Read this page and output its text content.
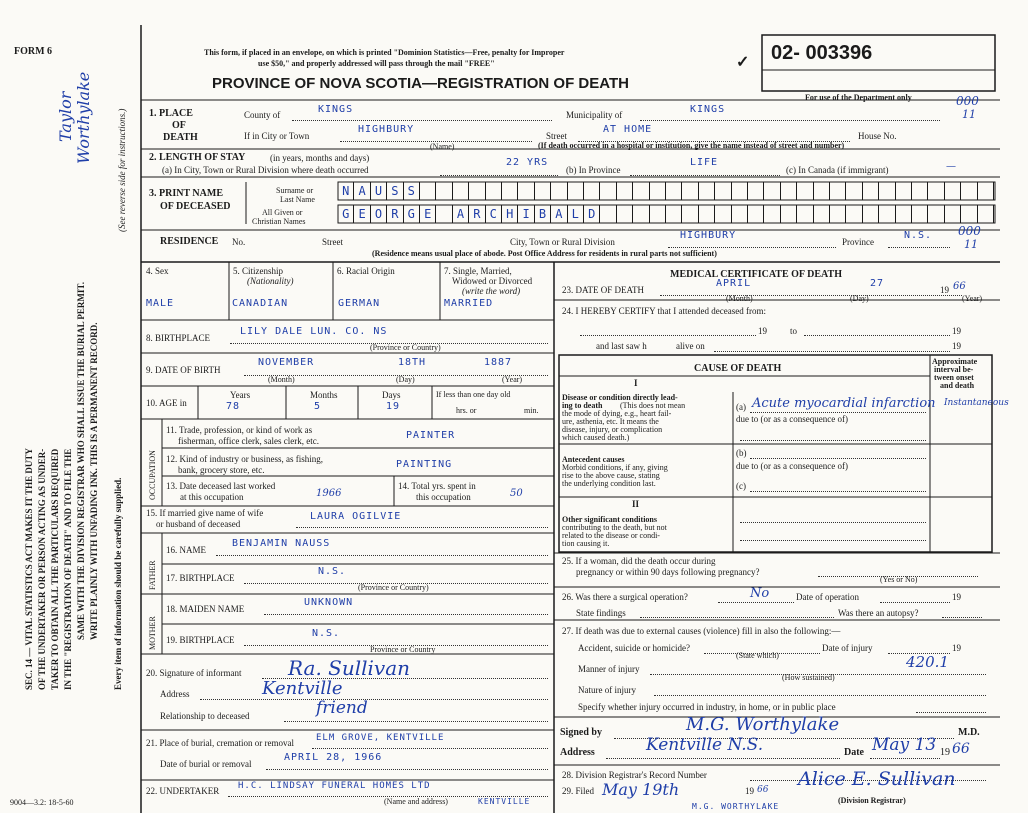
FORM 6	This form, if placed in an envelope, on which is printed "Dominion Statistics—Free, penalty for Improper
use $50," and properly addressed will pass through the mail "FREE"
PROVINCE OF NOVA SCOTIA—REGISTRATION OF DEATH
✓ 02- 003396
For use of the Department only	000
11
Taylor Worthylake	(See reverse side for instructions.)
SEC. 14 — VITAL STATISTICS ACT MAKES IT THE DUTY OF THE UNDERTAKER OR PERSON ACTING AS UNDER- TAKER TO OBTAIN ALL THE PARTICULARS REQUIRED IN THE "REGISTRATION OF DEATH" AND TO FILE THE SAME WITH THE DIVISION REGISTRAR WHO SHALL ISSUE THE BURIAL PERMIT. WRITE PLAINLY WITH UNFADING INK. THIS IS A PERMANENT RECORD. Every item of information should be carefully supplied.
1. PLACE
OF
DEATH
County of	KINGS	Municipality of	KINGS
If in City or Town
HIGHBURY
(Name)
Street
AT HOME
House No.
(If death occurred in a hospital or institution, give the name instead of street and number)
2. LENGTH OF STAY	(in years, months and days)
(a) In City, Town or Rural Division where death occurred
22 YRS
(b) In Province
LIFE
(c) In Canada (if immigrant)	—
3. PRINT NAME
OF DECEASED
Surname or
Last Name
All Given or
Christian Names
N A U S S
G E O R G E	A R C H I B A L D
RESIDENCE No.	Street	City, Town or Rural Division
HIGHBURY
Province
N.S. 000
11
(Residence means usual place of abode. Post Office Address for residents in rural parts not sufficient)
4. Sex
MALE
5. Citizenship
(Nationality)
CANADIAN
6. Racial Origin
GERMAN
7. Single, Married,
Widowed or Divorced
(write the word)
MARRIED
8. BIRTHPLACE
LILY DALE LUN. CO. NS
(Province or Country)
9. DATE OF BIRTH
NOVEMBER	18TH	1887
(Month)	(Day)	(Year)
10. AGE in
Years	Months	Days
78	5	19
If less than one day old
hrs. or	min.
OCCUPATION
11. Trade, profession, or kind of work as
fisherman, office clerk, sales clerk, etc.	PAINTER
12. Kind of industry or business, as fishing,
bank, grocery store, etc.	PAINTING
13. Date deceased last worked
at this occupation	1966
14. Total yrs. spent in
this occupation	50
15. If married give name of wife
or husband of deceased
LAURA OGILVIE
FATHER
16. NAME
BENJAMIN NAUSS
17. BIRTHPLACE
N.S.
(Province or Country)
MOTHER
18. MAIDEN NAME
UNKNOWN
19. BIRTHPLACE
N.S.
Province or Country
20. Signature of informant Ra. Sullivan
Address	Kentville
Relationship to deceased	friend
21. Place of burial, cremation or removal ELM GROVE, KENTVILLE
Date of burial or removal
APRIL 28, 1966
22. UNDERTAKER H.C. LINDSAY FUNERAL HOMES LTD
(Name and address)	KENTVILLE
MEDICAL CERTIFICATE OF DEATH
23. DATE OF DEATH
APRIL	27
19 66
(Month)	(Day)	(Year)
24. I HEREBY CERTIFY that I attended deceased from:
19	to	19
and last saw h	alive on	19
CAUSE OF DEATH
Approximate
interval be-
tween onset
and death
I
Disease or condition directly lead-
ing to death (This does not mean
the mode of dying, e.g., heart fail-
ure, asthenia, etc. It means the
disease, injury, or complication
which caused death.)
(a) Acute myocardial infarction Instantaneous
due to (or as a consequence of)
Antecedent causes
Morbid conditions, if any, giving
rise to the above cause, stating
the underlying condition last.
(b)
due to (or as a consequence of)
(c)
II
Other significant conditions
contributing to the death, but not
related to the disease or condi-
tion causing it.
25. If a woman, did the death occur during
pregnancy or within 90 days following pregnancy?
(Yes or No)
26. Was there a surgical operation?	No	Date of operation	19
State findings	Was there an autopsy?
27. If death was due to external causes (violence) fill in also the following:—
Accident, suicide or homicide?
(State which)
Date of injury	19
Manner of injury	420.1
(How sustained)
Nature of injury
Specify whether injury occurred in industry, in home, or in public place
Signed by	M.G. Worthylake	M.D.
Address	Kentville N.S.	Date May 13 19 66
28. Division Registrar's Record Number
29. Filed May 19th	19 66 Alice E. Sullivan
(Division Registrar)
M.G. WORTHYLAKE
9004—3.2: 18-5-60
